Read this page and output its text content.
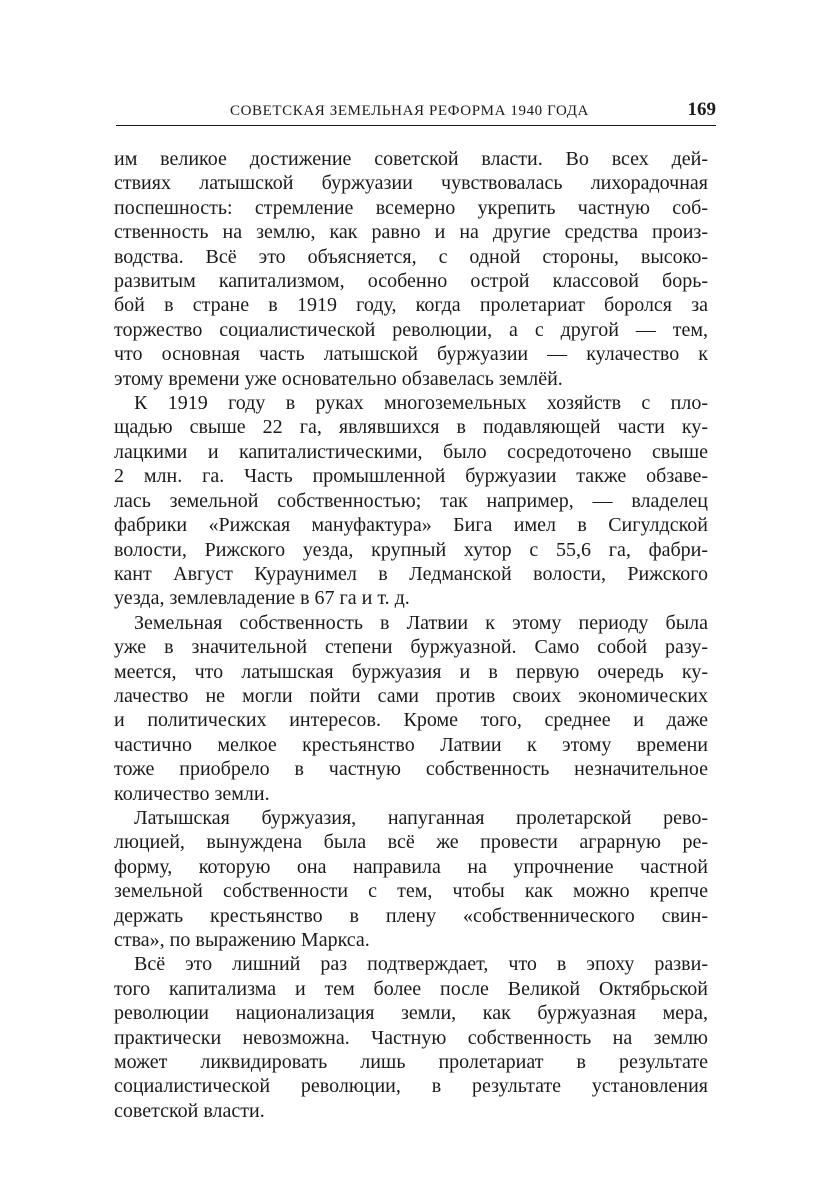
СОВЕТСКАЯ ЗЕМЕЛЬНАЯ РЕФОРМА 1940 ГОДА	169
им великое достижение советской власти. Во всех дей-
ствиях латышской буржуазии чувствовалась лихорадочная
поспешность: стремление всемерно укрепить частную соб-
ственность на землю, как равно и на другие средства произ-
водства. Всё это объясняется, с одной стороны, высоко-
развитым капитализмом, особенно острой классовой борь-
бой в стране в 1919 году, когда пролетариат боролся за
торжество социалистической революции, а с другой — тем,
что основная часть латышской буржуазии — кулачество к
этому времени уже основательно обзавелась землёй.
К 1919 году в руках многоземельных хозяйств с пло-
щадью свыше 22 га, являвшихся в подавляющей части ку-
лацкими и капиталистическими, было сосредоточено свыше
2 млн. га. Часть промышленной буржуазии также обзаве-
лась земельной собственностью; так например, — владелец
фабрики «Рижская мануфактура» Бига имел в Сигулдской
волости, Рижского уезда, крупный хутор с 55,6 га, фабри-
кант Август Кураунимел в Ледманской волости, Рижского
уезда, землевладение в 67 га и т. д.
Земельная собственность в Латвии к этому периоду была
уже в значительной степени буржуазной. Само собой разу-
меется, что латышская буржуазия и в первую очередь ку-
лачество не могли пойти сами против своих экономических
и политических интересов. Кроме того, среднее и даже
частично мелкое крестьянство Латвии к этому времени
тоже приобрело в частную собственность незначительное
количество земли.
Латышская буржуазия, напуганная пролетарской рево-
люцией, вынуждена была всё же провести аграрную ре-
форму, которую она направила на упрочнение частной
земельной собственности с тем, чтобы как можно крепче
держать крестьянство в плену «собственнического свин-
ства», по выражению Маркса.
Всё это лишний раз подтверждает, что в эпоху разви-
того капитализма и тем более после Великой Октябрьской
революции национализация земли, как буржуазная мера,
практически невозможна. Частную собственность на землю
может ликвидировать лишь пролетариат в результате
социалистической революции, в результате установления
советской власти.
